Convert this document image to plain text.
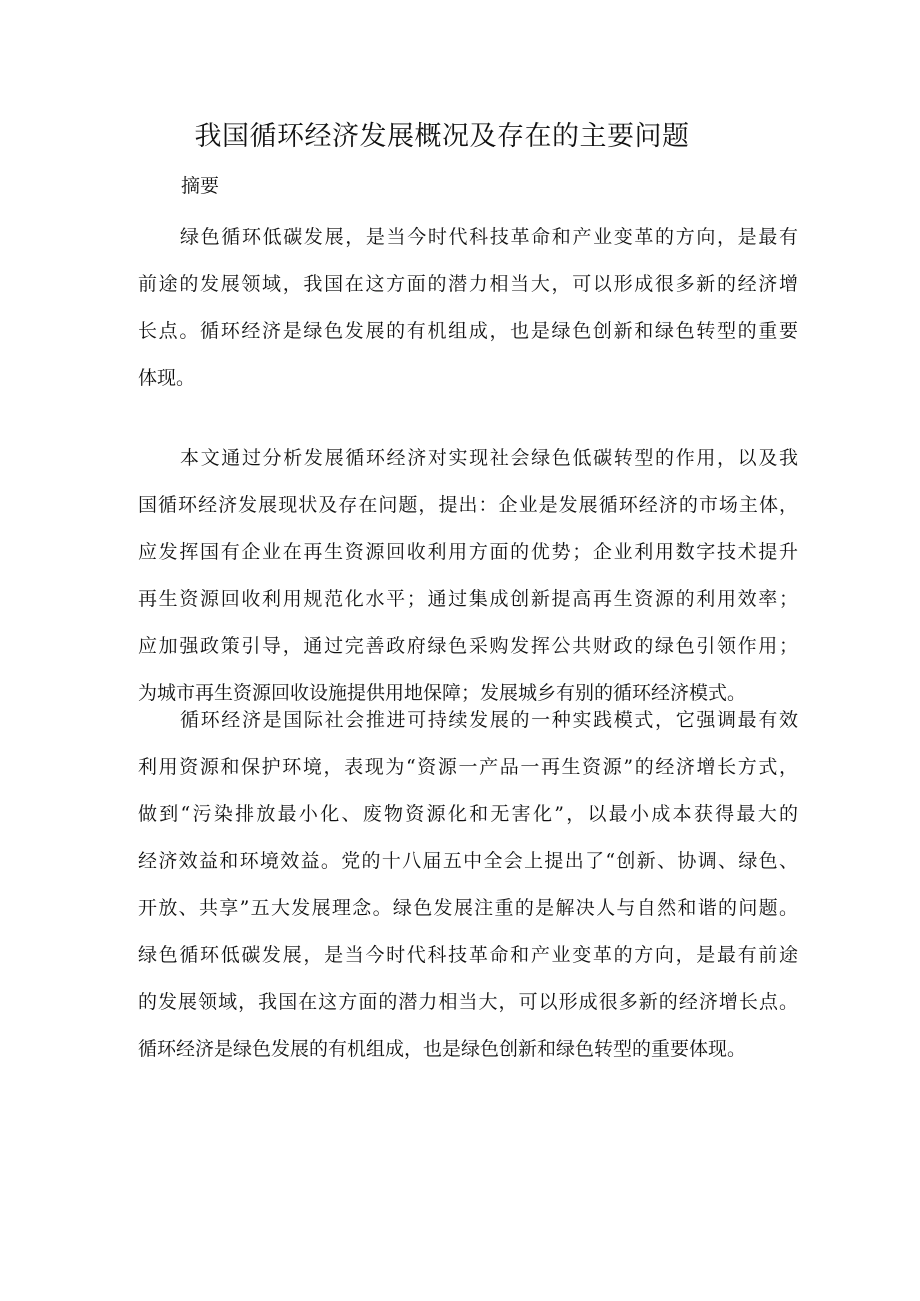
我国循环经济发展概况及存在的主要问题
摘要
绿色循环低碳发展，是当今时代科技革命和产业变革的方向，是最有
前途的发展领域，我国在这方面的潜力相当大，可以形成很多新的经济增
长点。循环经济是绿色发展的有机组成，也是绿色创新和绿色转型的重要
体现。
本文通过分析发展循环经济对实现社会绿色低碳转型的作用，以及我
国循环经济发展现状及存在问题，提出：企业是发展循环经济的市场主体，
应发挥国有企业在再生资源回收利用方面的优势；企业利用数字技术提升
再生资源回收利用规范化水平；通过集成创新提高再生资源的利用效率；
应加强政策引导，通过完善政府绿色采购发挥公共财政的绿色引领作用；
为城市再生资源回收设施提供用地保障；发展城乡有别的循环经济模式。
循环经济是国际社会推进可持续发展的一种实践模式，它强调最有效
利用资源和保护环境，表现为“资源一产品一再生资源”的经济增长方式，
做到“污染排放最小化、废物资源化和无害化”，以最小成本获得最大的
经济效益和环境效益。党的十八届五中全会上提出了“创新、协调、绿色、
开放、共享”五大发展理念。绿色发展注重的是解决人与自然和谐的问题。
绿色循环低碳发展，是当今时代科技革命和产业变革的方向，是最有前途
的发展领域，我国在这方面的潜力相当大，可以形成很多新的经济增长点。
循环经济是绿色发展的有机组成，也是绿色创新和绿色转型的重要体现。
